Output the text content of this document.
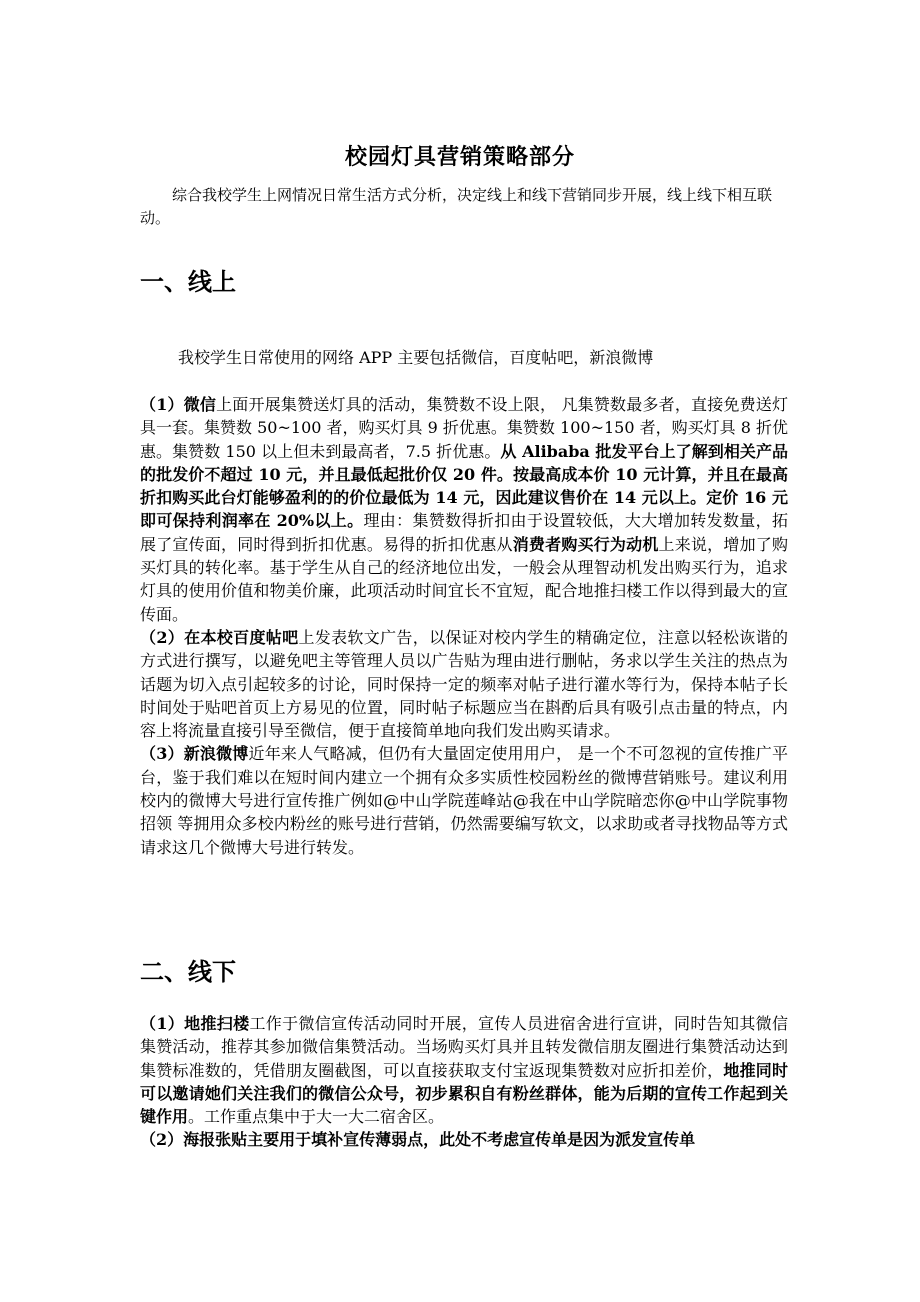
校园灯具营销策略部分
综合我校学生上网情况日常生活方式分析，决定线上和线下营销同步开展，线上线下相互联动。
一、线上
我校学生日常使用的网络 APP 主要包括微信，百度帖吧，新浪微博
（1）微信上面开展集赞送灯具的活动，集赞数不设上限， 凡集赞数最多者，直接免费送灯具一套。集赞数 50~100 者，购买灯具 9 折优惠。集赞数 100~150 者，购买灯具 8 折优惠。集赞数 150 以上但未到最高者，7.5 折优惠。从 Alibaba 批发平台上了解到相关产品的批发价不超过 10 元，并且最低起批价仅 20 件。按最高成本价 10 元计算，并且在最高折扣购买此台灯能够盈利的的价位最低为 14 元，因此建议售价在 14 元以上。定价 16 元即可保持利润率在 20%以上。理由：集赞数得折扣由于设置较低，大大增加转发数量，拓展了宣传面，同时得到折扣优惠。易得的折扣优惠从消费者购买行为动机上来说，增加了购买灯具的转化率。基于学生从自己的经济地位出发，一般会从理智动机发出购买行为，追求灯具的使用价值和物美价廉，此项活动时间宜长不宜短，配合地推扫楼工作以得到最大的宣传面。
（2）在本校百度帖吧上发表软文广告，以保证对校内学生的精确定位，注意以轻松诙谐的方式进行撰写，以避免吧主等管理人员以广告贴为理由进行删帖，务求以学生关注的热点为话题为切入点引起较多的讨论，同时保持一定的频率对帖子进行灌水等行为，保持本帖子长时间处于贴吧首页上方易见的位置，同时帖子标题应当在斟酌后具有吸引点击量的特点，内容上将流量直接引导至微信，便于直接简单地向我们发出购买请求。
（3）新浪微博近年来人气略减，但仍有大量固定使用用户， 是一个不可忽视的宣传推广平台，鉴于我们难以在短时间内建立一个拥有众多实质性校园粉丝的微博营销账号。建议利用校内的微博大号进行宣传推广例如@中山学院莲峰站@我在中山学院暗恋你@中山学院事物招领 等拥用众多校内粉丝的账号进行营销，仍然需要编写软文，以求助或者寻找物品等方式请求这几个微博大号进行转发。
二、线下
（1）地推扫楼工作于微信宣传活动同时开展，宣传人员进宿舍进行宣讲，同时告知其微信集赞活动，推荐其参加微信集赞活动。当场购买灯具并且转发微信朋友圈进行集赞活动达到集赞标准数的，凭借朋友圈截图，可以直接获取支付宝返现集赞数对应折扣差价，地推同时可以邀请她们关注我们的微信公众号，初步累积自有粉丝群体，能为后期的宣传工作起到关键作用。工作重点集中于大一大二宿舍区。
（2）海报张贴主要用于填补宣传薄弱点，此处不考虑宣传单是因为派发宣传单
